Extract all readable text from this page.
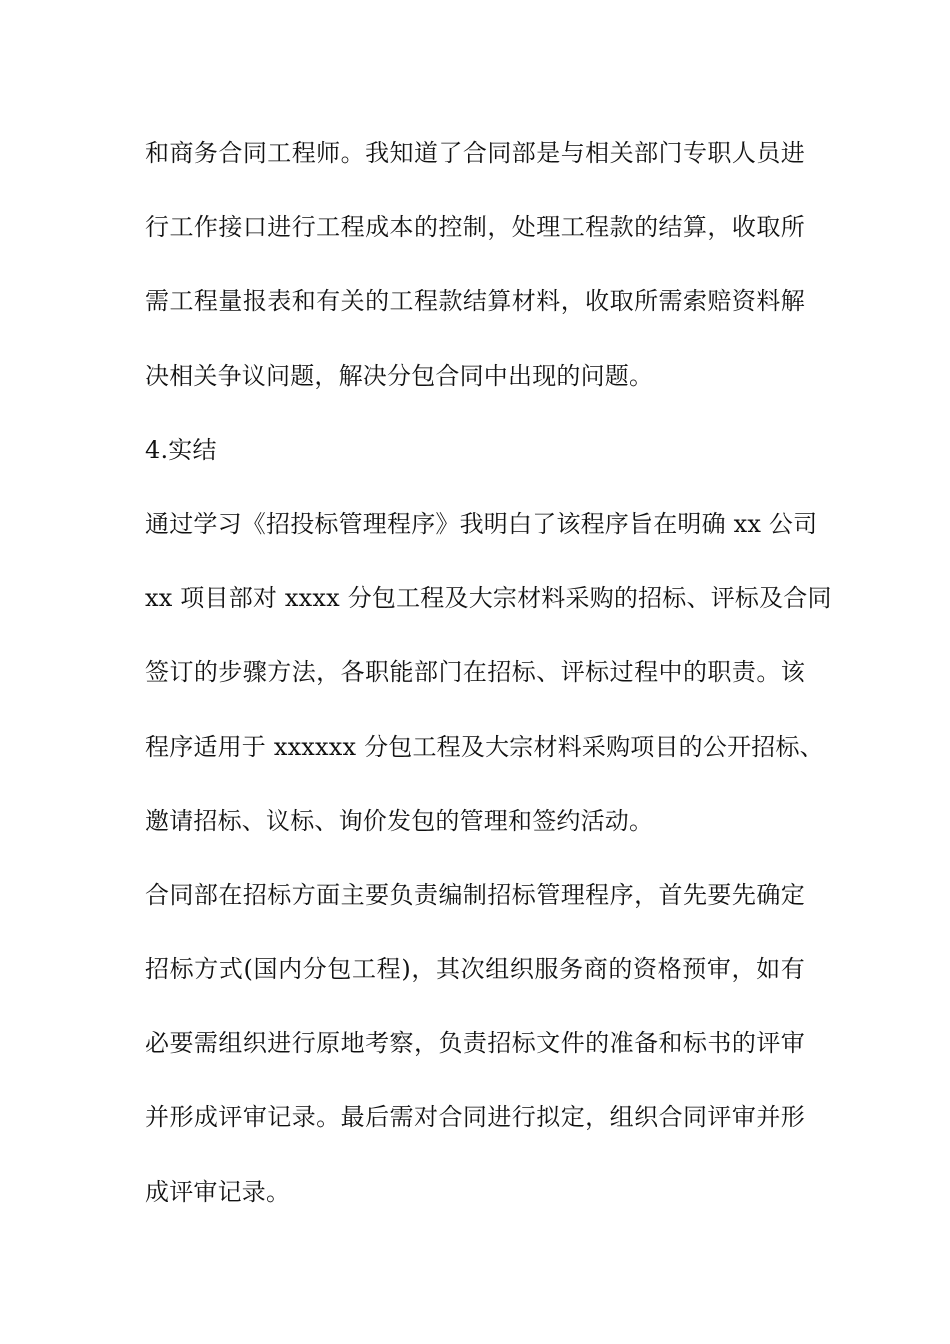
和商务合同工程师。我知道了合同部是与相关部门专职人员进
行工作接口进行工程成本的控制，处理工程款的结算，收取所
需工程量报表和有关的工程款结算材料，收取所需索赔资料解
决相关争议问题，解决分包合同中出现的问题。
4.实结
通过学习《招投标管理程序》我明白了该程序旨在明确 xx 公司
xx 项目部对 xxxx 分包工程及大宗材料采购的招标、评标及合同
签订的步骤方法，各职能部门在招标、评标过程中的职责。该
程序适用于 xxxxxx 分包工程及大宗材料采购项目的公开招标、
邀请招标、议标、询价发包的管理和签约活动。
合同部在招标方面主要负责编制招标管理程序，首先要先确定
招标方式(国内分包工程)，其次组织服务商的资格预审，如有
必要需组织进行原地考察，负责招标文件的准备和标书的评审
并形成评审记录。最后需对合同进行拟定，组织合同评审并形
成评审记录。
